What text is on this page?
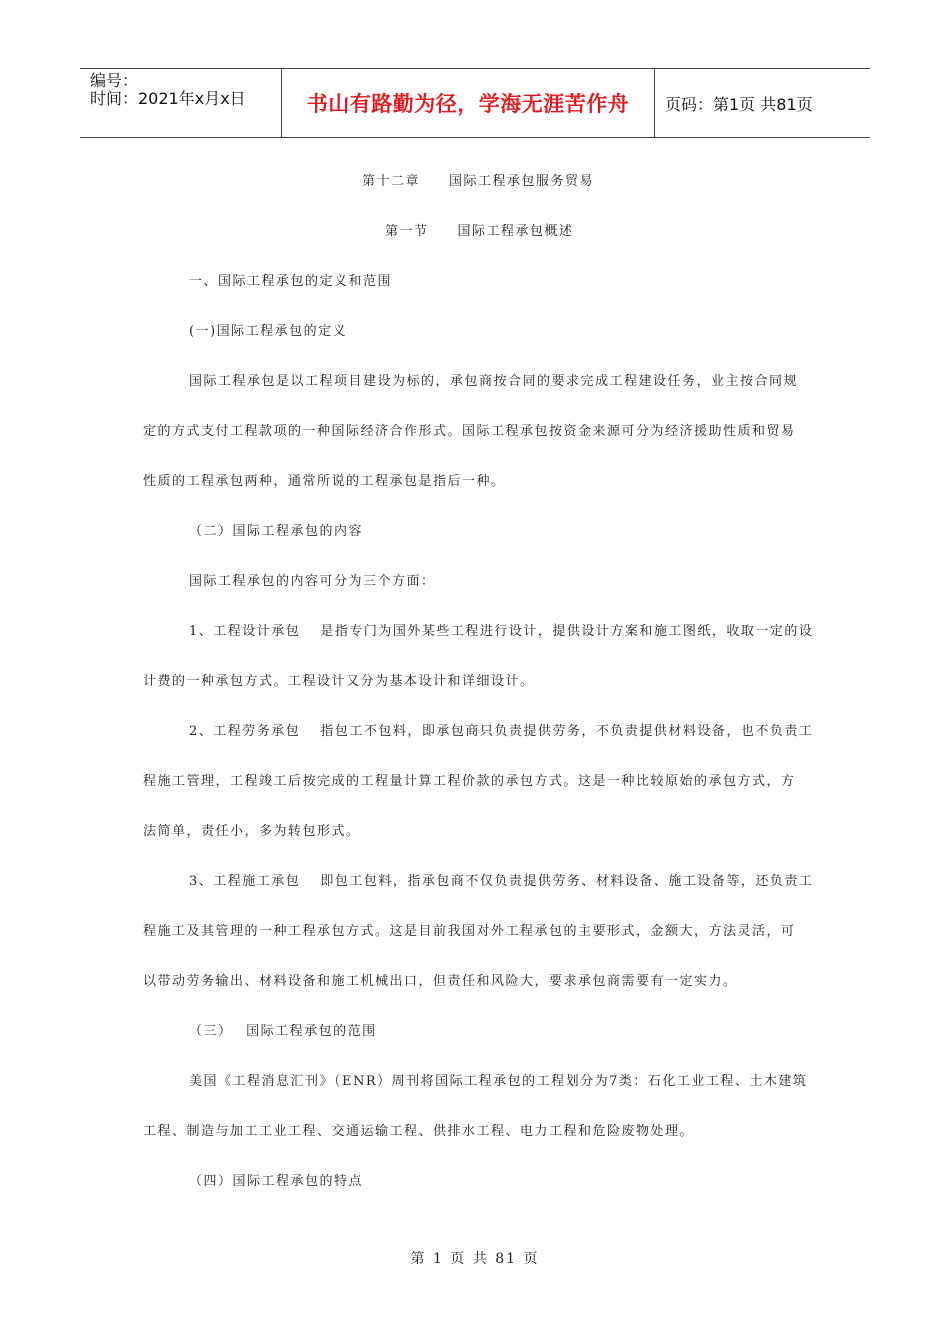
编号：
时间：2021年x月x日	书山有路勤为径，学海无涯苦作舟	页码：第1页 共81页
第十二章　　国际工程承包服务贸易
第一节　　国际工程承包概述
一、国际工程承包的定义和范围
(一)国际工程承包的定义
国际工程承包是以工程项目建设为标的，承包商按合同的要求完成工程建设任务，业主按合同规
定的方式支付工程款项的一种国际经济合作形式。国际工程承包按资金来源可分为经济援助性质和贸易
性质的工程承包两种，通常所说的工程承包是指后一种。
（二）国际工程承包的内容
国际工程承包的内容可分为三个方面：
1、工程设计承包　 是指专门为国外某些工程进行设计，提供设计方案和施工图纸，收取一定的设
计费的一种承包方式。工程设计又分为基本设计和详细设计。
2、工程劳务承包　 指包工不包料，即承包商只负责提供劳务，不负责提供材料设备，也不负责工
程施工管理，工程竣工后按完成的工程量计算工程价款的承包方式。这是一种比较原始的承包方式，方
法简单，责任小，多为转包形式。
3、工程施工承包　 即包工包料，指承包商不仅负责提供劳务、材料设备、施工设备等，还负责工
程施工及其管理的一种工程承包方式。这是目前我国对外工程承包的主要形式，金额大，方法灵活，可
以带动劳务输出、材料设备和施工机械出口，但责任和风险大，要求承包商需要有一定实力。
（三）　 国际工程承包的范围
美国《工程消息汇刊》（ENR）周刊将国际工程承包的工程划分为7类：石化工业工程、土木建筑
工程、制造与加工工业工程、交通运输工程、供排水工程、电力工程和危险废物处理。
（四）国际工程承包的特点
第 1 页 共 81 页
